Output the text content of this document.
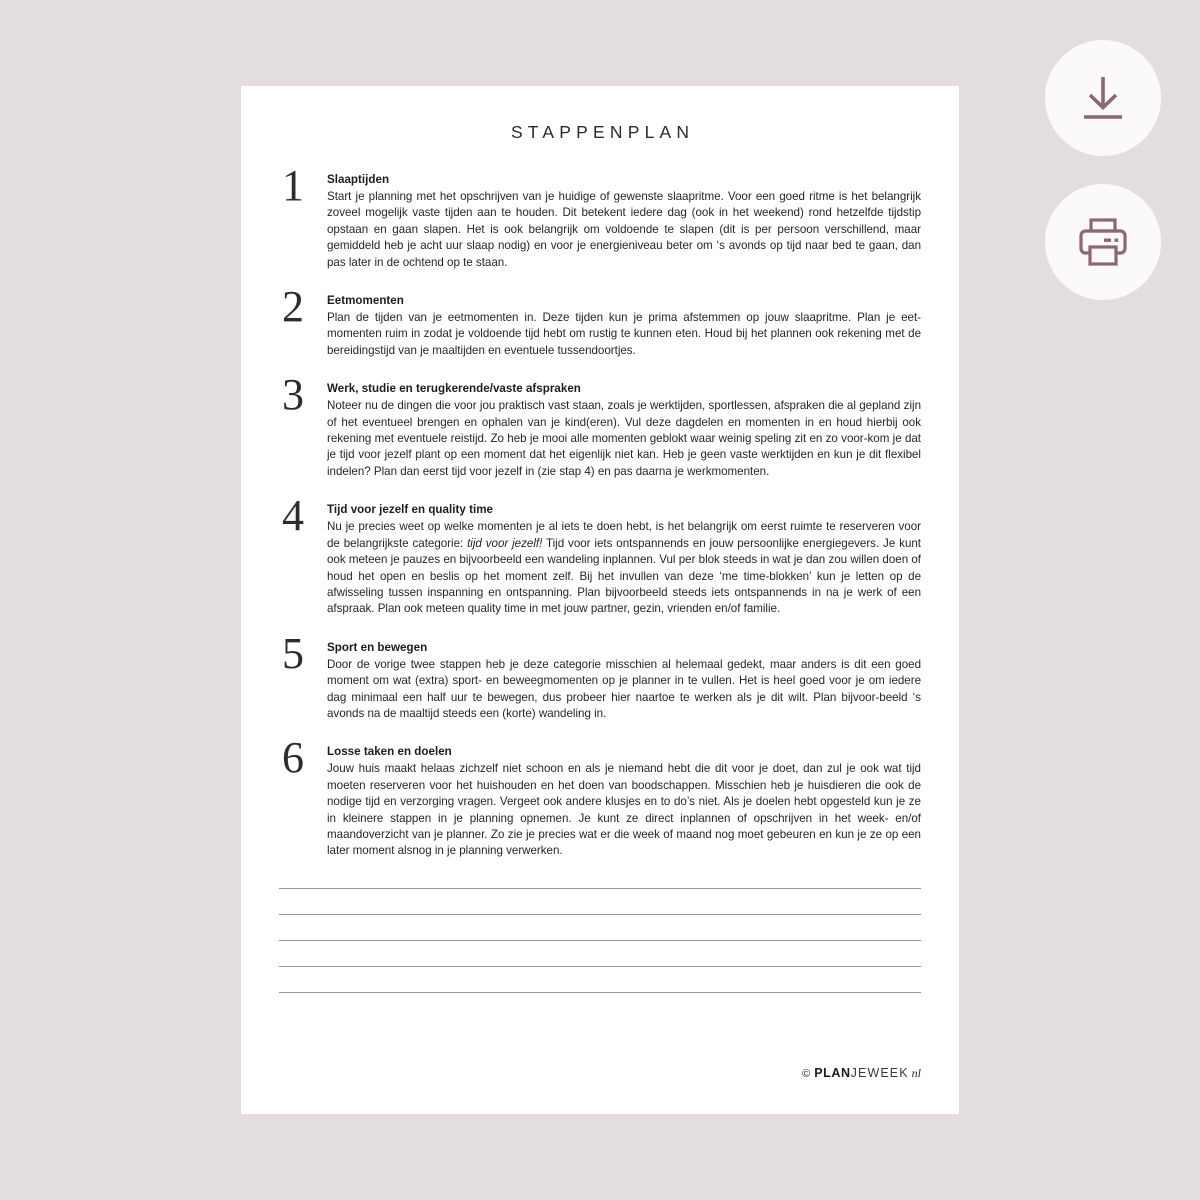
STAPPENPLAN
1	Slaaptijden
Start je planning met het opschrijven van je huidige of gewenste slaapritme. Voor een goed ritme is het belangrijk zoveel mogelijk vaste tijden aan te houden. Dit betekent iedere dag (ook in het weekend) rond hetzelfde tijdstip opstaan en gaan slapen. Het is ook belangrijk om voldoende te slapen (dit is per persoon verschillend, maar gemiddeld heb je acht uur slaap nodig) en voor je energieniveau beter om ‘s avonds op tijd naar bed te gaan, dan pas later in de ochtend op te staan.
2	Eetmomenten
Plan de tijden van je eetmomenten in. Deze tijden kun je prima afstemmen op jouw slaapritme. Plan je eet-momenten ruim in zodat je voldoende tijd hebt om rustig te kunnen eten. Houd bij het plannen ook rekening met de bereidingstijd van je maaltijden en eventuele tussendoortjes.
3	Werk, studie en terugkerende/vaste afspraken
Noteer nu de dingen die voor jou praktisch vast staan, zoals je werktijden, sportlessen, afspraken die al gepland zijn of het eventueel brengen en ophalen van je kind(eren). Vul deze dagdelen en momenten in en houd hierbij ook rekening met eventuele reistijd. Zo heb je mooi alle momenten geblokt waar weinig speling zit en zo voor-kom je dat je tijd voor jezelf plant op een moment dat het eigenlijk niet kan. Heb je geen vaste werktijden en kun je dit flexibel indelen? Plan dan eerst tijd voor jezelf in (zie stap 4) en pas daarna je werkmomenten.
4	Tijd voor jezelf en quality time
Nu je precies weet op welke momenten je al iets te doen hebt, is het belangrijk om eerst ruimte te reserveren voor de belangrijkste categorie: tijd voor jezelf! Tijd voor iets ontspannends en jouw persoonlijke energiegevers. Je kunt ook meteen je pauzes en bijvoorbeeld een wandeling inplannen. Vul per blok steeds in wat je dan zou willen doen of houd het open en beslis op het moment zelf. Bij het invullen van deze ‘me time-blokken’ kun je letten op de afwisseling tussen inspanning en ontspanning. Plan bijvoorbeeld steeds iets ontspannends in na je werk of een afspraak. Plan ook meteen quality time in met jouw partner, gezin, vrienden en/of familie.
5	Sport en bewegen
Door de vorige twee stappen heb je deze categorie misschien al helemaal gedekt, maar anders is dit een goed moment om wat (extra) sport- en beweegmomenten op je planner in te vullen. Het is heel goed voor je om iedere dag minimaal een half uur te bewegen, dus probeer hier naartoe te werken als je dit wilt. Plan bijvoor-beeld ‘s avonds na de maaltijd steeds een (korte) wandeling in.
6	Losse taken en doelen
Jouw huis maakt helaas zichzelf niet schoon en als je niemand hebt die dit voor je doet, dan zul je ook wat tijd moeten reserveren voor het huishouden en het doen van boodschappen. Misschien heb je huisdieren die ook de nodige tijd en verzorging vragen. Vergeet ook andere klusjes en to do’s niet. Als je doelen hebt opgesteld kun je ze in kleinere stappen in je planning opnemen. Je kunt ze direct inplannen of opschrijven in het week- en/of maandoverzicht van je planner. Zo zie je precies wat er die week of maand nog moet gebeuren en kun je ze op een later moment alsnog in je planning verwerken.
© PLAN JEWEEK nl
